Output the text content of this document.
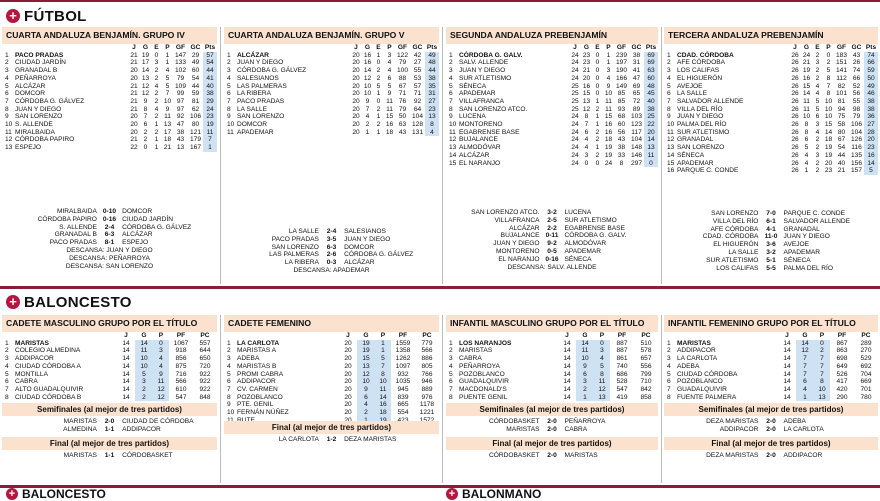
+ FÚTBOL
CUARTA ANDALUZA BENJAMÍN. GRUPO IV
		J	G	E	P	GF	GC	Pts
1	PACO PRADAS	21	19	0	1	147	29	57
2	CIUDAD JARDÍN	21	17	3	1	133	49	54
3	GRANADAL B	20	14	2	4	102	60	44
4	PEÑARROYA	20	13	2	5	79	54	41
5	ALCÁZAR	21	12	4	5	109	44	40
6	DOMCOR	21	12	2	7	99	59	38
7	CÓRDOBA G. GÁLVEZ	21	9	2	10	97	81	29
8	JUAN Y DIEGO	21	8	4	9	97	62	24
9	SAN LORENZO	20	7	2	11	92	106	23
10	S. ALLENDE	20	6	1	13	47	80	19
11	MIRALBAIDA	20	2	2	17	38	121	11
12	CÓRDOBA PAPIRO	21	2	1	18	43	179	7
13	ESPEJO	22	0	1	21	13	167	1
MIRALBAIDA 0-10 DOMCOR
CÓRDOBA PAPIRO 0-16 CIUDAD JARDÍN
S. ALLENDE	2-4	CÓRDOBA G. GÁLVEZ
GRANADAL B	6-3	ALCÁZAR
PACO PRADAS	8-1	ESPEJO
DESCANSA: JUAN Y DIEGO
DESCANSA: PEÑARROYA
DESCANSA: SAN LORENZO
CUARTA ANDALUZA BENJAMÍN. GRUPO V
		J	G	E	P	GF	GC	Pts
1	ALCÁZAR	20	16	1	3	122	42	49
2	JUAN Y DIEGO	20	16	0	4	79	27	48
3	CÓRDOBA G. GÁLVEZ	20	14	2	4	100	55	44
4	SALESIANOS	20	12	2	6	88	53	38
5	LAS PALMERAS	20	10	5	5	67	57	35
6	LA RIBERA	20	10	1	9	71	71	31
7	PACO PRADAS	20	9	0	11	76	92	27
8	LA SALLE	20	7	2	11	79	64	23
9	SAN LORENZO	20	4	1	15	50	104	13
10	DOMCOR	20	2	2	16	63	128	8
11	APADEMAR	20	1	1	18	43	131	4
LA SALLE	2-4	SALESIANOS
PACO PRADAS	3-5	JUAN Y DIEGO
SAN LORENZO	6-3	DOMCOR
LAS PALMERAS	2-6	CÓRDOBA G. GÁLVEZ
LA RIBERA	0-3	ALCÁZAR
DESCANSA: APADEMAR
SEGUNDA ANDALUZA PREBENJAMÍN
		J	G	E	P	GF	GC	Pts
1	CÓRDOBA G. GALV.	24	23	0	1	239	38	69
2	SALV. ALLENDE	24	23	0	1	197	31	69
3	JUAN Y DIEGO	24	21	0	3	190	41	63
4	SUR ATLETISMO	24	20	0	4	166	47	60
5	SÉNECA	25	16	0	9	149	69	48
6	APADEMAR	25	15	0	10	85	65	45
7	VILLAFRANCA	25	13	1	11	85	72	40
8	SAN LORENZO ATCO.	25	12	2	11	93	89	38
9	LUCENA	24	8	1	15	68	103	25
10	MONTORENO	24	7	1	16	60	123	22
11	EGABRENSE BASE	24	6	2	16	56	117	20
12	BUJALANCE	24	4	2	18	43	104	14
13	ALMODÓVAR	24	4	1	19	38	148	13
14	ALCÁZAR	24	3	2	19	33	146	11
15	EL NARANJO	24	0	0	24	8	297	0
SAN LORENZO ATCO.	3-2	LUCENA
VILLAFRANCA	2-5	SUR ATLETISMO
ALCÁZAR	2-2	EGABRENSE BASE
BUJALANCE 0-11 CÓRDOBA G. GALV.
JUAN Y DIEGO	9-2	ALMODÓVAR
MONTORENO	0-5	APADEMAR
EL NARANJO 0-16 SÉNECA
DESCANSA: SALV. ALLENDE
TERCERA ANDALUZA PREBENJAMÍN
		J	G	E	P	GF	GC	Pts
1	CDAD. CÓRDOBA	26	24	2	0	183	43	74
2	AFE CÓRDOBA	26	21	3	2	151	26	66
3	LOS CALIFAS	26	19	2	5	141	74	59
4	EL HIGUERÓN	26	16	2	8	112	66	50
5	AVEJOE	26	15	4	7	82	52	49
6	LA SALLE	26	14	4	8	101	56	46
7	SALVADOR ALLENDE	26	11	5	10	81	55	38
8	VILLA DEL RÍO	26	11	5	10	94	98	38
9	JUAN Y DIEGO	26	10	6	10	75	79	36
10	PALMA DEL RÍO	26	8	3	15	58	106	27
11	SUR ATLETISMO	26	8	4	14	80	104	28
12	GRANADAL	26	6	2	18	67	126	20
13	SAN LORENZO	26	5	2	19	54	116	23
14	SÉNECA	26	4	3	19	44	135	16
15	APADEMAR	26	4	2	20	40	156	14
16	PARQUE C. CONDE	26	1	2	23	21	157	5
SAN LORENZO	7-0	PARQUE C. CONDE
VILLA DEL RÍO	6-1	SALVADOR ALLENDE
AFE CÓRDOBA	4-1	GRANADAL
CDAD. CÓRDOBA 11-0 JUAN Y DIEGO
EL HIGUERÓN	3-6	AVEJOE
LA SALLE	3-2	APADEMAR
SUR ATLETISMO	5-1	SÉNECA
LOS CALIFAS	5-5	PALMA DEL RÍO
+ BALONCESTO
CADETE MASCULINO GRUPO POR EL TÍTULO
		J	G	P	PF	PC
1	MARISTAS	14	14	0	1067	557
2	COLEGIO ALMEDINA	14	11	3	918	644
3	ADDIPACOR	14	10	4	856	650
4	CIUDAD CÓRDOBA A	14	10	4	875	720
5	MONTILLA	14	5	9	716	922
6	CABRA	14	3	11	566	922
7	ALTO GUADALQUIVIR	14	2	12	610	922
8	CIUDAD CÓRDOBA B	14	2	12	547	848
Semifinales (al mejor de tres partidos)
MARISTAS	2-0	CIUDAD DE CÓRDOBA
ALMEDINA	1-1	ADDIPACOR
Final (al mejor de tres partidos)
MARISTAS	1-1	CÓRDOBASKET
CADETE FEMENINO
		J	G	P	PF	PC
1	LA CARLOTA	20	19	1	1559	779
2	MARISTAS A	20	19	1	1358	566
3	ADEBA	20	15	5	1262	886
4	MARISTAS B	20	13	7	1097	805
5	PROMI CABRA	20	12	8	932	766
6	ADDIPACOR	20	10	10	1035	946
7	CV. CARMEN	20	9	11	945	889
8	POZOBLANCO	20	6	14	839	976
9	PTE. GENIL	20	4	16	665	1178
10	FERNÁN NÚÑEZ	20	2	18	554	1221

Final (al mejor de tres partidos)
LA CARLOTA	1-2	DEZA MARISTAS
INFANTIL MASCULINO GRUPO POR EL TÍTULO
		J	G	P	PF	PC
1	LOS NARANJOS	14	14	0	887	510
2	MARISTAS	14	11	3	887	578
3	CABRA	14	10	4	861	657
4	PEÑARROYA	14	9	5	740	556
5	POZOBLANCO	14	6	8	686	799
6	GUADALQUIVIR	14	3	11	528	710
7	MACDONALD'S	14	2	12	547	842
8	PUENTE GENIL	14	1	13	419	858
Semifinales (al mejor de tres partidos)
CÓRDOBASKET	2-0	PEÑARROYA
MARISTAS	2-0	CABRA
Final (al mejor de tres partidos)
CÓRDOBASKET	2-0	MARISTAS
INFANTIL FEMENINO GRUPO POR EL TÍTULO
		J	G	P	PF	PC
1	MARISTAS	14	14	0	867	289
2	ADDIPACOR	14	12	2	863	270
3	LA CARLOTA	14	7	7	698	529
4	ADEBA	14	7	7	649	692
5	CIUDAD CÓRDOBA	14	7	7	526	704
6	POZOBLANCO	14	6	8	417	669
7	GUADALQUIVIR	14	4	10	420	701
8	FUENTE PALMERA	14	1	13	290	780
Semifinales (al mejor de tres partidos)
DEZA MARISTAS	2-0	ADEBA
ADDIPACOR	2-0	LA CARLOTA
Final (al mejor de tres partidos)
DEZA MARISTAS	2-0	ADDIPACOR
+ BALONCESTO	+ BALONMANO
